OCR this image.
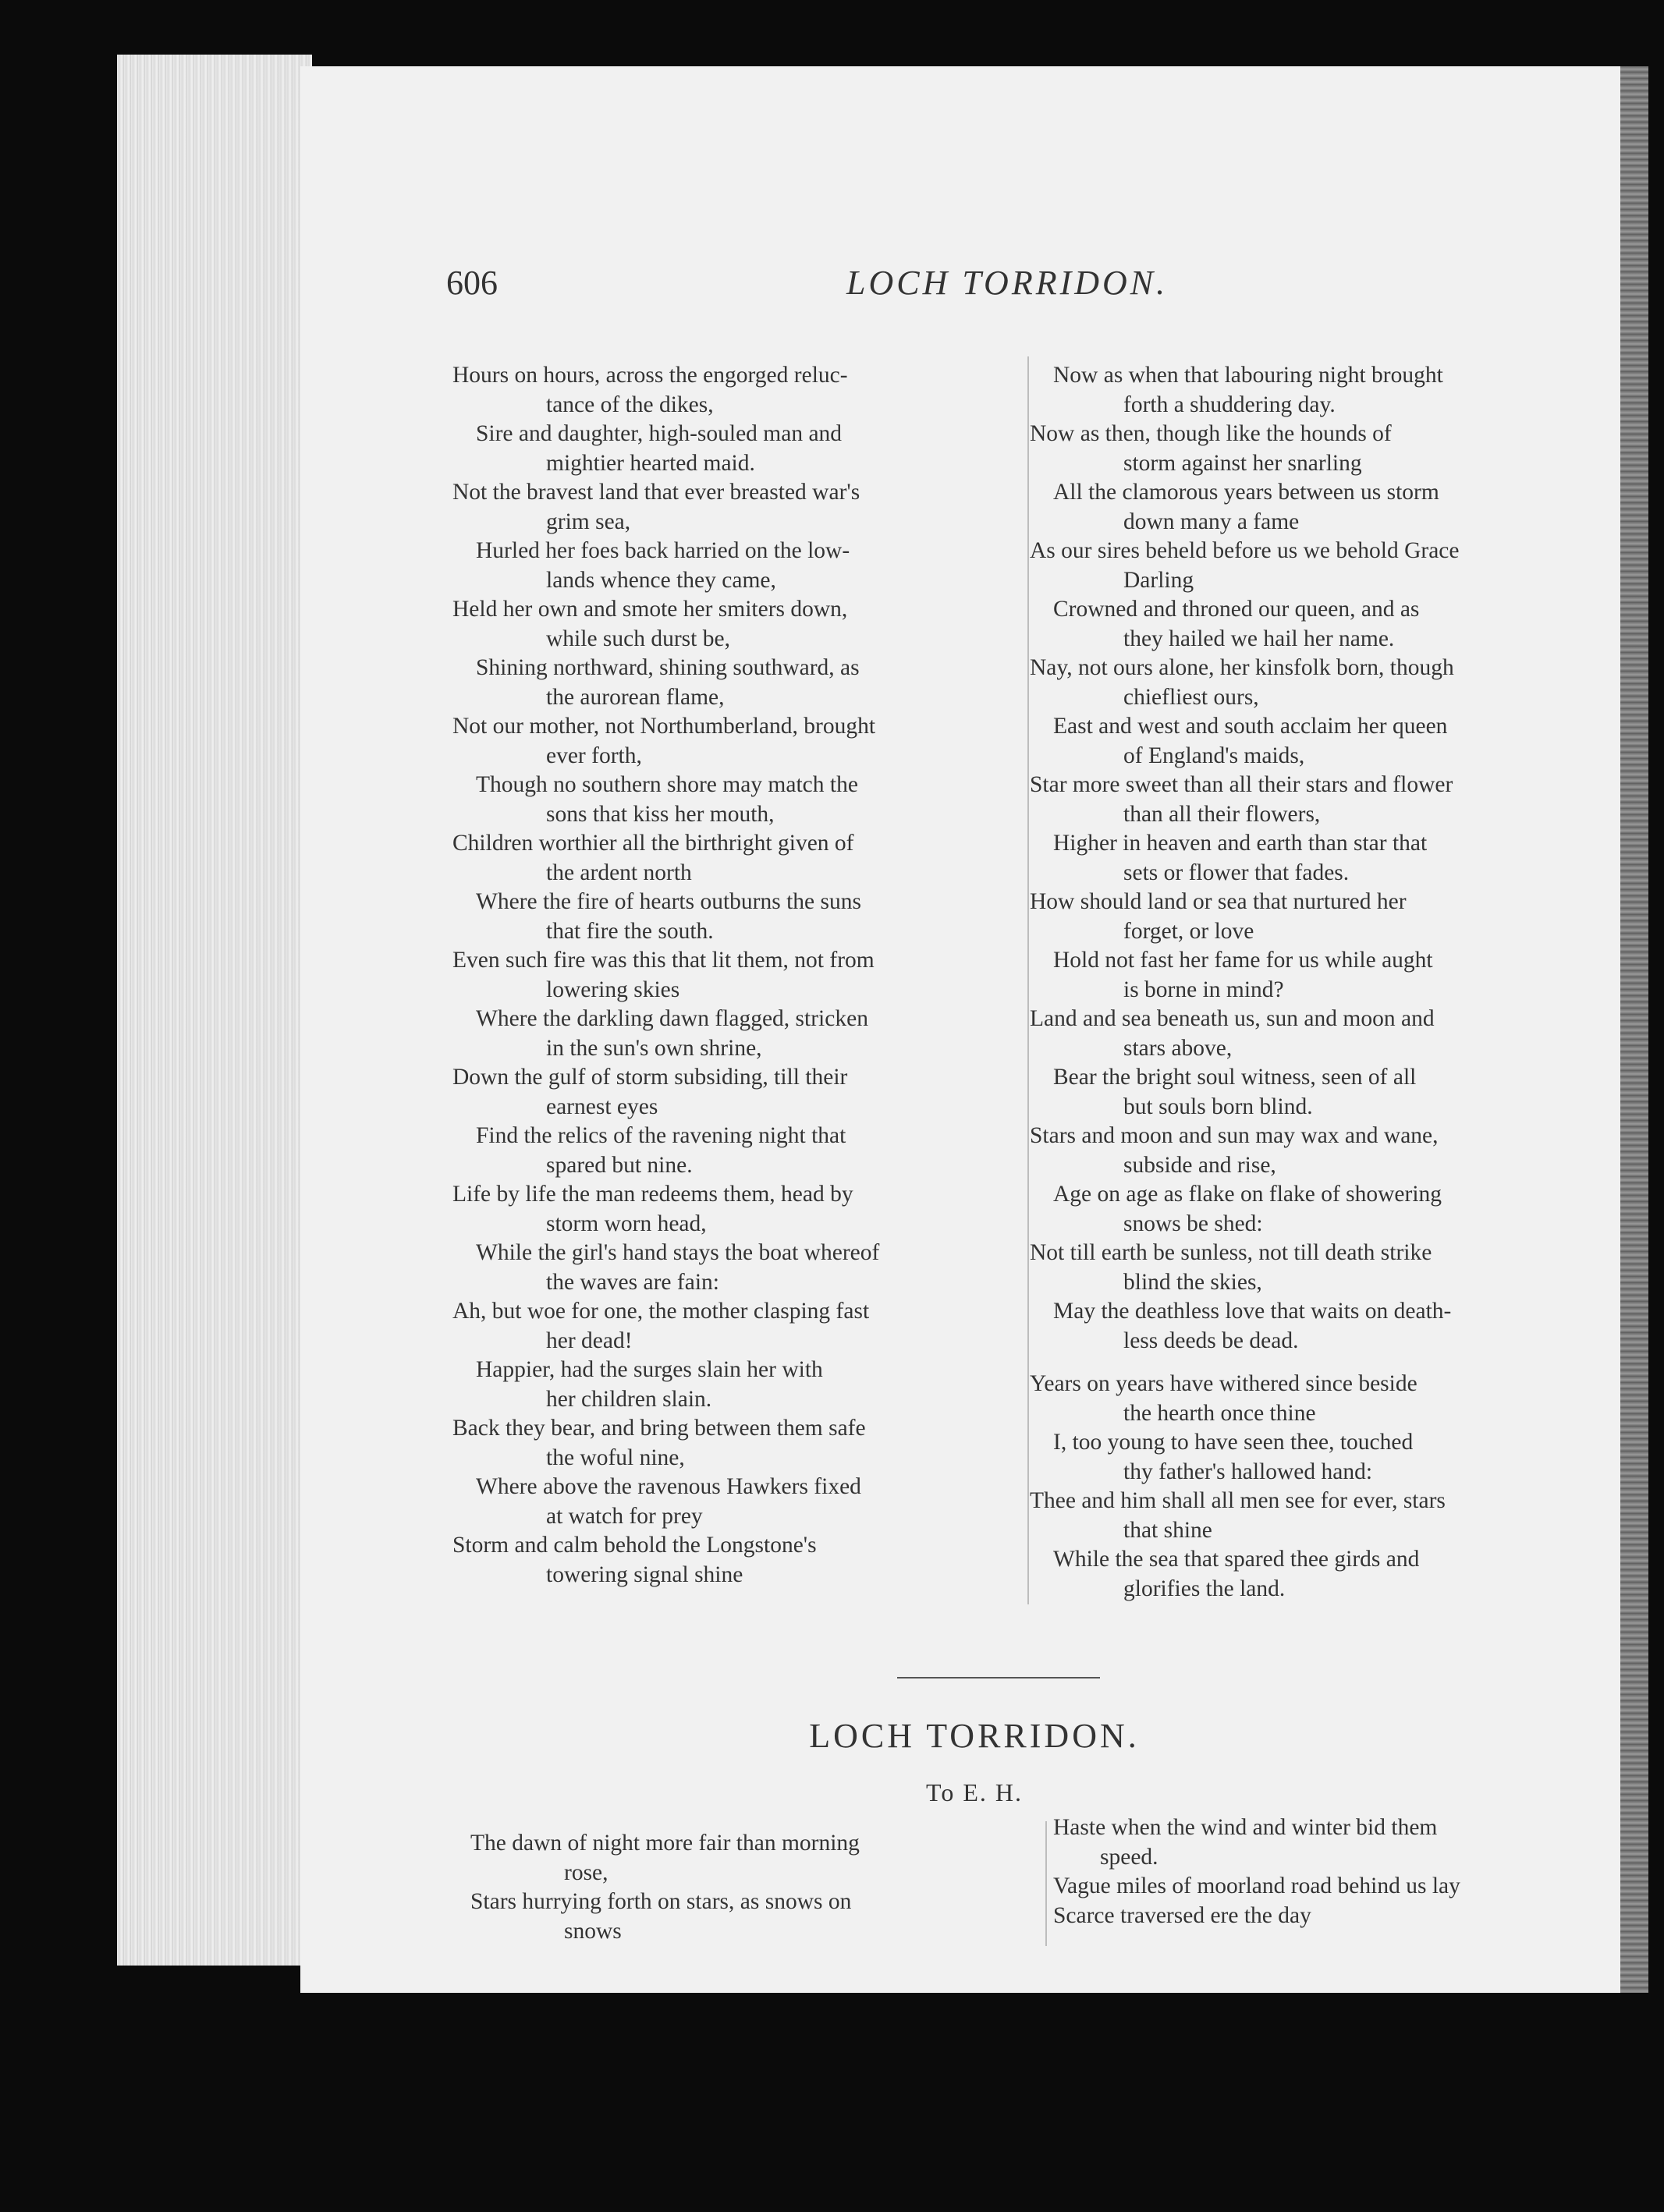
606	LOCH TORRIDON.
Hours on hours, across the engorged reluc-
tance of the dikes,
Sire and daughter, high-souled man and
mightier hearted maid.
Not the bravest land that ever breasted war's
grim sea,
Hurled her foes back harried on the low-
lands whence they came,
Held her own and smote her smiters down,
while such durst be,
Shining northward, shining southward, as
the aurorean flame,
Not our mother, not Northumberland, brought
ever forth,
Though no southern shore may match the
sons that kiss her mouth,
Children worthier all the birthright given of
the ardent north
Where the fire of hearts outburns the suns
that fire the south.
Even such fire was this that lit them, not from
lowering skies
Where the darkling dawn flagged, stricken
in the sun's own shrine,
Down the gulf of storm subsiding, till their
earnest eyes
Find the relics of the ravening night that
spared but nine.
Life by life the man redeems them, head by
storm worn head,
While the girl's hand stays the boat whereof
the waves are fain:
Ah, but woe for one, the mother clasping fast
her dead!
Happier, had the surges slain her with
her children slain.
Back they bear, and bring between them safe
the woful nine,
Where above the ravenous Hawkers fixed
at watch for prey
Storm and calm behold the Longstone's
towering signal shine
Now as when that labouring night brought
forth a shuddering day.
Now as then, though like the hounds of
storm against her snarling
All the clamorous years between us storm
down many a fame
As our sires beheld before us we behold Grace
Darling
Crowned and throned our queen, and as
they hailed we hail her name.
Nay, not ours alone, her kinsfolk born, though
chiefliest ours,
East and west and south acclaim her queen
of England's maids,
Star more sweet than all their stars and flower
than all their flowers,
Higher in heaven and earth than star that
sets or flower that fades.
How should land or sea that nurtured her
forget, or love
Hold not fast her fame for us while aught
is borne in mind?
Land and sea beneath us, sun and moon and
stars above,
Bear the bright soul witness, seen of all
but souls born blind.
Stars and moon and sun may wax and wane,
subside and rise,
Age on age as flake on flake of showering
snows be shed:
Not till earth be sunless, not till death strike
blind the skies,
May the deathless love that waits on death-
less deeds be dead.
Years on years have withered since beside
the hearth once thine
I, too young to have seen thee, touched
thy father's hallowed hand:
Thee and him shall all men see for ever, stars
that shine
While the sea that spared thee girds and
glorifies the land.
LOCH TORRIDON.
To E. H.
The dawn of night more fair than morning
rose,
Stars hurrying forth on stars, as snows on
snows
Haste when the wind and winter bid them
speed.
Vague miles of moorland road behind us lay
Scarce traversed ere the day
